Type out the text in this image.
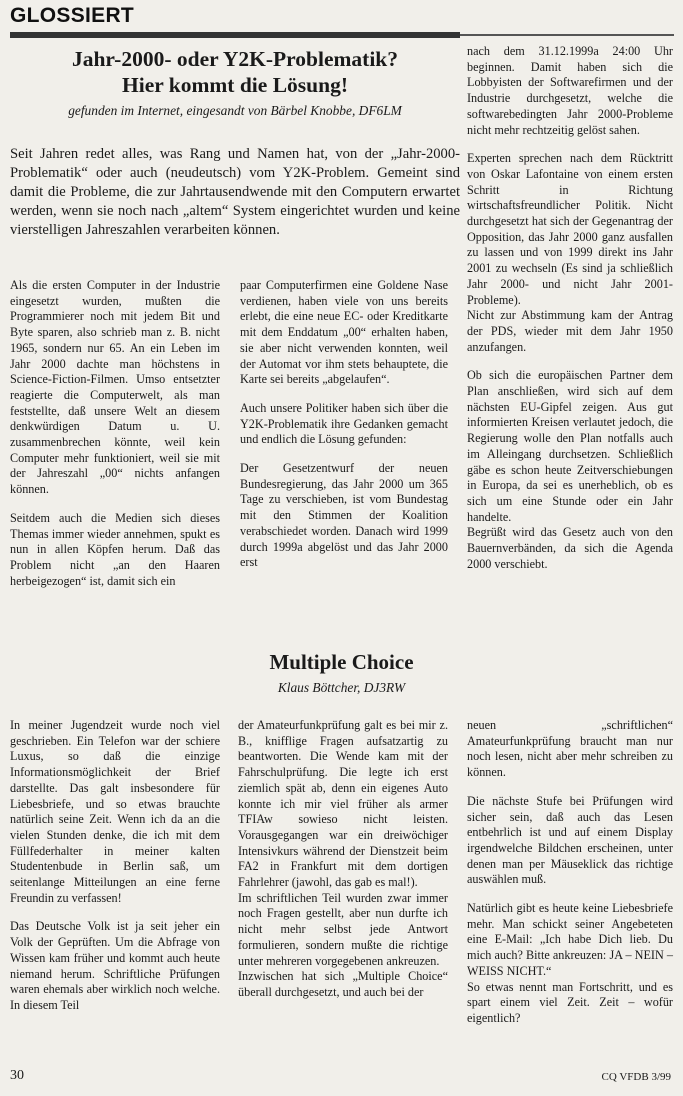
GLOSSIERT
Jahr-2000- oder Y2K-Problematik?
Hier kommt die Lösung!
gefunden im Internet, eingesandt von Bärbel Knobbe, DF6LM
Seit Jahren redet alles, was Rang und Namen hat, von der „Jahr-2000-Problematik“ oder auch (neudeutsch) vom Y2K-Problem. Gemeint sind damit die Probleme, die zur Jahrtausendwende mit den Computern erwartet werden, wenn sie noch nach „altem“ System eingerichtet wurden und keine vierstelligen Jahreszahlen verarbeiten können.

Als die ersten Computer in der Industrie eingesetzt wurden, mußten die Programmierer noch mit jedem Bit und Byte sparen, also schrieb man z. B. nicht 1965, sondern nur 65. An ein Leben im Jahr 2000 dachte man höchstens in Science-Fiction-Filmen. Umso entsetzter reagierte die Computerwelt, als man feststellte, daß unsere Welt an diesem denkwürdigen Datum u. U. zusammenbrechen könnte, weil kein Computer mehr funktioniert, weil sie mit der Jahreszahl „00“ nichts anfangen können.

Seitdem auch die Medien sich dieses Themas immer wieder annehmen, spukt es nun in allen Köpfen herum. Daß das Problem nicht „an den Haaren herbeigezogen“ ist, damit sich ein

paar Computerfirmen eine Goldene Nase verdienen, haben viele von uns bereits erlebt, die eine neue EC- oder Kreditkarte mit dem Enddatum „00“ erhalten haben, sie aber nicht verwenden konnten, weil der Automat vor ihm stets behauptete, die Karte sei bereits „abgelaufen“.

Auch unsere Politiker haben sich über die Y2K-Problematik ihre Gedanken gemacht und endlich die Lösung gefunden:

Der Gesetzentwurf der neuen Bundesregierung, das Jahr 2000 um 365 Tage zu verschieben, ist vom Bundestag mit den Stimmen der Koalition verabschiedet worden. Danach wird 1999 durch 1999a abgelöst und das Jahr 2000 erst

nach dem 31.12.1999a 24:00 Uhr beginnen. Damit haben sich die Lobbyisten der Softwarefirmen und der Industrie durchgesetzt, welche die softwarebedingten Jahr 2000-Probleme nicht mehr rechtzeitig gelöst sahen.

Experten sprechen nach dem Rücktritt von Oskar Lafontaine von einem ersten Schritt in Richtung wirtschaftsfreundlicher Politik. Nicht durchgesetzt hat sich der Gegenantrag der Opposition, das Jahr 2000 ganz ausfallen zu lassen und von 1999 direkt ins Jahr 2001 zu wechseln (Es sind ja schließlich Jahr 2000- und nicht Jahr 2001-Probleme).

Nicht zur Abstimmung kam der Antrag der PDS, wieder mit dem Jahr 1950 anzufangen.

Ob sich die europäischen Partner dem Plan anschließen, wird sich auf dem nächsten EU-Gipfel zeigen. Aus gut informierten Kreisen verlautet jedoch, die Regierung wolle den Plan notfalls auch im Alleingang durchsetzen. Schließlich gäbe es schon heute Zeitverschiebungen in Europa, da sei es unerheblich, ob es sich um eine Stunde oder ein Jahr handelte.

Begrüßt wird das Gesetz auch von den Bauernverbänden, da sich die Agenda 2000 verschiebt.

Multiple Choice
Klaus Böttcher, DJ3RW

In meiner Jugendzeit wurde noch viel geschrieben. Ein Telefon war der schiere Luxus, so daß die einzige Informationsmöglichkeit der Brief darstellte. Das galt insbesondere für Liebesbriefe, und so etwas brauchte natürlich seine Zeit. Wenn ich da an die vielen Stunden denke, die ich mit dem Füllfederhalter in meiner kalten Studentenbude in Berlin saß, um seitenlange Mitteilungen an eine ferne Freundin zu verfassen!

Das Deutsche Volk ist ja seit jeher ein Volk der Geprüften. Um die Abfrage von Wissen kam früher und kommt auch heute niemand herum. Schriftliche Prüfungen waren ehemals aber wirklich noch welche. In diesem Teil

der Amateurfunkprüfung galt es bei mir z. B., knifflige Fragen aufsatzartig zu beantworten. Die Wende kam mit der Fahrschulprüfung. Die legte ich erst ziemlich spät ab, denn ein eigenes Auto konnte ich mir viel früher als armer TFIAw sowieso nicht leisten. Vorausgegangen war ein dreiwöchiger Intensivkurs während der Dienstzeit beim FA2 in Frankfurt mit dem dortigen Fahrlehrer (jawohl, das gab es mal!).

Im schriftlichen Teil wurden zwar immer noch Fragen gestellt, aber nun durfte ich nicht mehr selbst jede Antwort formulieren, sondern mußte die richtige unter mehreren vorgegebenen ankreuzen.

Inzwischen hat sich „Multiple Choice“ überall durchgesetzt, und auch bei der

neuen „schriftlichen“ Amateurfunkprüfung braucht man nur noch lesen, nicht aber mehr schreiben zu können.

Die nächste Stufe bei Prüfungen wird sicher sein, daß auch das Lesen entbehrlich ist und auf einem Display irgendwelche Bildchen erscheinen, unter denen man per Mäuseklick das richtige auswählen muß.

Natürlich gibt es heute keine Liebesbriefe mehr. Man schickt seiner Angebeteten eine E-Mail: „Ich habe Dich lieb. Du mich auch? Bitte ankreuzen: JA – NEIN – WEISS NICHT.“

So etwas nennt man Fortschritt, und es spart einem viel Zeit. Zeit – wofür eigentlich?

30	CQ VFDB 3/99
